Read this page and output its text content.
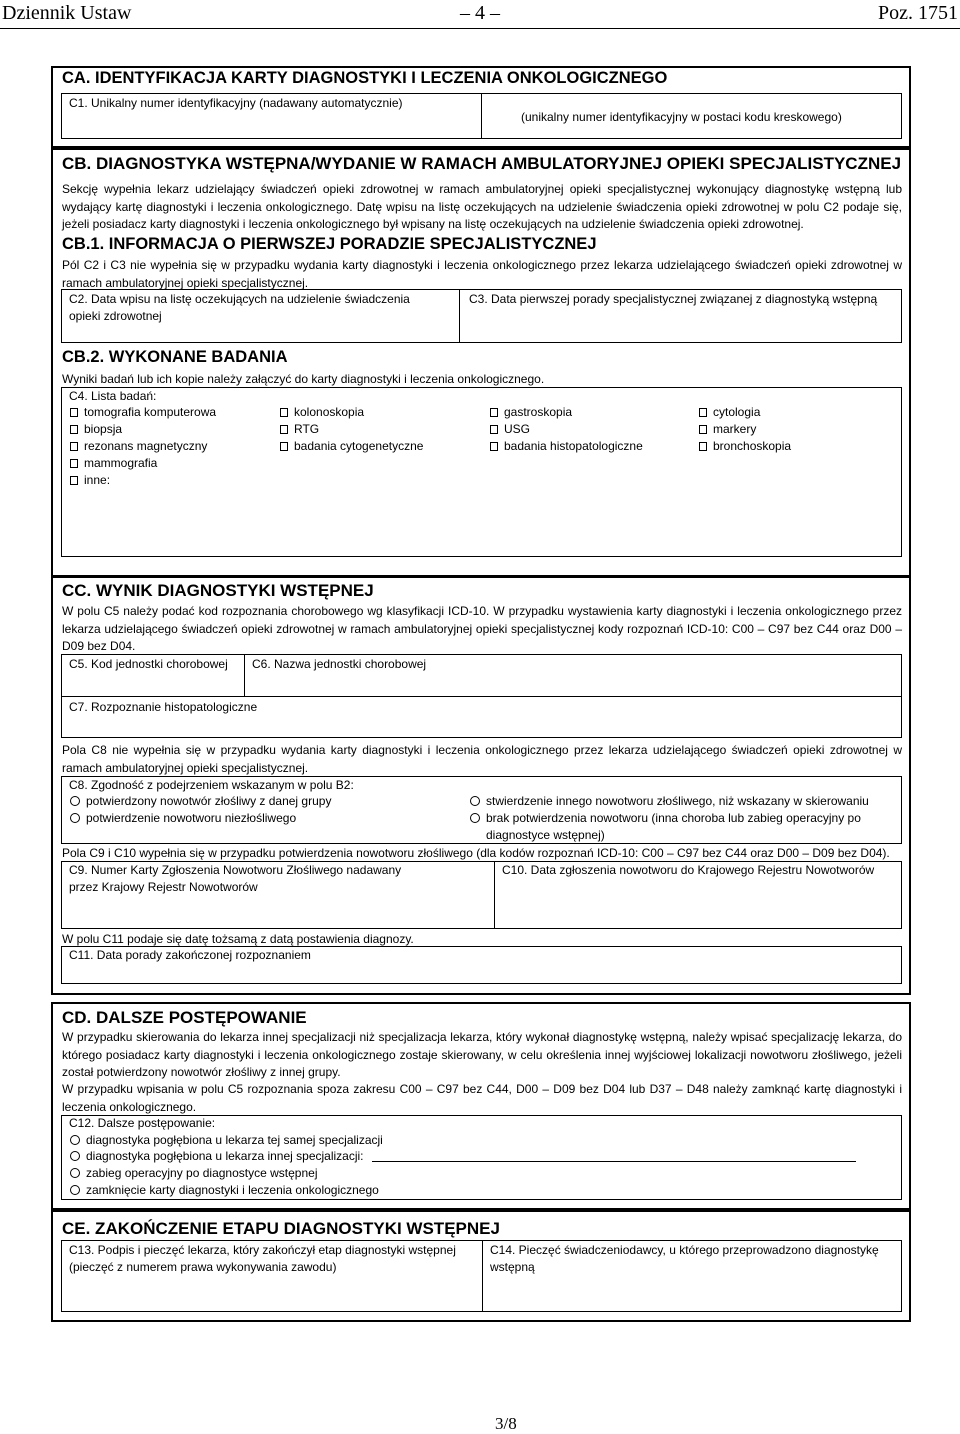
Dziennik Ustaw	– 4 –	Poz. 1751
CA. IDENTYFIKACJA KARTY DIAGNOSTYKI I LECZENIA ONKOLOGICZNEGO
C1. Unikalny numer identyfikacyjny (nadawany automatycznie)
(unikalny numer identyfikacyjny w postaci kodu kreskowego)
CB. DIAGNOSTYKA WSTĘPNA/WYDANIE W RAMACH AMBULATORYJNEJ OPIEKI SPECJALISTYCZNEJ
Sekcję wypełnia lekarz udzielający świadczeń opieki zdrowotnej w ramach ambulatoryjnej opieki specjalistycznej wykonujący diagnostykę wstępną lub wydający kartę diagnostyki i leczenia onkologicznego. Datę wpisu na listę oczekujących na udzielenie świadczenia opieki zdrowotnej w polu C2 podaje się, jeżeli posiadacz karty diagnostyki i leczenia onkologicznego był wpisany na listę oczekujących na udzielenie świadczenia opieki zdrowotnej.
CB.1. INFORMACJA O PIERWSZEJ PORADZIE SPECJALISTYCZNEJ
Pól C2 i C3 nie wypełnia się w przypadku wydania karty diagnostyki i leczenia onkologicznego przez lekarza udzielającego świadczeń opieki zdrowotnej w ramach ambulatoryjnej opieki specjalistycznej.
C2. Data wpisu na listę oczekujących na udzielenie świadczenia
opieki zdrowotnej
C3. Data pierwszej porady specjalistycznej związanej z diagnostyką wstępną
CB.2. WYKONANE BADANIA
Wyniki badań lub ich kopie należy załączyć do karty diagnostyki i leczenia onkologicznego.
C4. Lista badań:
tomografia komputerowa	kolonoskopia	gastroskopia	cytologia
biopsja	RTG	USG	markery
rezonans magnetyczny	badania cytogenetyczne	badania histopatologiczne	bronchoskopia
mammografia
inne:
CC. WYNIK DIAGNOSTYKI WSTĘPNEJ
W polu C5 należy podać kod rozpoznania chorobowego wg klasyfikacji ICD-10. W przypadku wystawienia karty diagnostyki i leczenia onkologicznego przez lekarza udzielającego świadczeń opieki zdrowotnej w ramach ambulatoryjnej opieki specjalistycznej kody rozpoznań ICD-10: C00 – C97 bez C44 oraz D00 – D09 bez D04.
C5. Kod jednostki chorobowej C6. Nazwa jednostki chorobowej
C7. Rozpoznanie histopatologiczne
Pola C8 nie wypełnia się w przypadku wydania karty diagnostyki i leczenia onkologicznego przez lekarza udzielającego świadczeń opieki zdrowotnej w ramach ambulatoryjnej opieki specjalistycznej.
C8. Zgodność z podejrzeniem wskazanym w polu B2:
potwierdzony nowotwór złośliwy z danej grupy
potwierdzenie nowotworu niezłośliwego
stwierdzenie innego nowotworu złośliwego, niż wskazany w skierowaniu
brak potwierdzenia nowotworu (inna choroba lub zabieg operacyjny po
diagnostyce wstępnej)
Pola C9 i C10 wypełnia się w przypadku potwierdzenia nowotworu złośliwego (dla kodów rozpoznań ICD-10: C00 – C97 bez C44 oraz D00 – D09 bez D04).
C9. Numer Karty Zgłoszenia Nowotworu Złośliwego nadawany
przez Krajowy Rejestr Nowotworów
C10. Data zgłoszenia nowotworu do Krajowego Rejestru Nowotworów
W polu C11 podaje się datę tożsamą z datą postawienia diagnozy.
C11. Data porady zakończonej rozpoznaniem
CD. DALSZE POSTĘPOWANIE
W przypadku skierowania do lekarza innej specjalizacji niż specjalizacja lekarza, który wykonał diagnostykę wstępną, należy wpisać specjalizację lekarza, do którego posiadacz karty diagnostyki i leczenia onkologicznego zostaje skierowany, w celu określenia innej wyjściowej lokalizacji nowotworu złośliwego, jeżeli został potwierdzony nowotwór złośliwy z innej grupy.
W przypadku wpisania w polu C5 rozpoznania spoza zakresu C00 – C97 bez C44, D00 – D09 bez D04 lub D37 – D48 należy zamknąć kartę diagnostyki i leczenia onkologicznego.
C12. Dalsze postępowanie:
diagnostyka pogłębiona u lekarza tej samej specjalizacji
diagnostyka pogłębiona u lekarza innej specjalizacji:
zabieg operacyjny po diagnostyce wstępnej
zamknięcie karty diagnostyki i leczenia onkologicznego
CE. ZAKOŃCZENIE ETAPU DIAGNOSTYKI WSTĘPNEJ
C13. Podpis i pieczęć lekarza, który zakończył etap diagnostyki wstępnej
(pieczęć z numerem prawa wykonywania zawodu)
C14. Pieczęć świadczeniodawcy, u którego przeprowadzono diagnostykę
wstępną
3/8
